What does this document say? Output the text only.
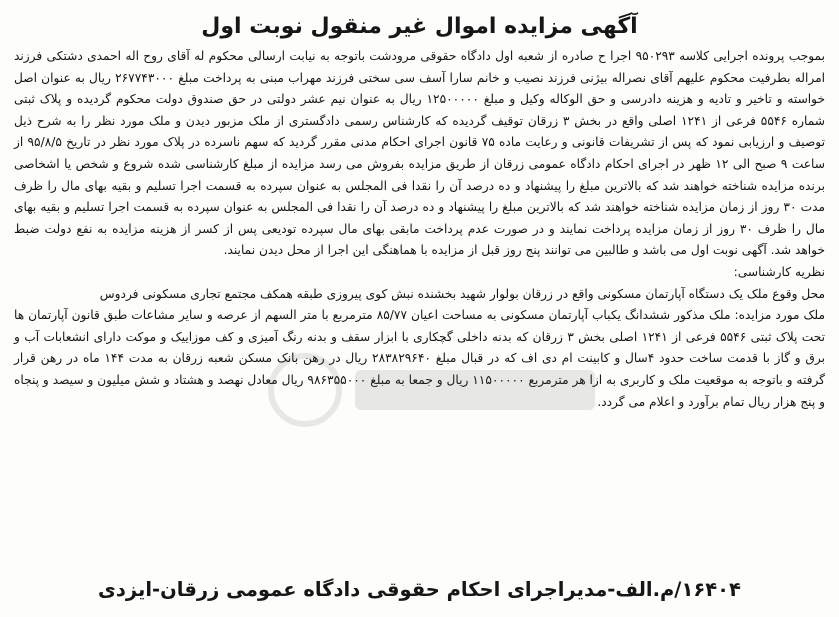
آگهی مزایده اموال غیر منقول نوبت اول

بموجب پرونده اجرایی کلاسه ۹۵۰۲۹۳ اجرا ح صادره از شعبه اول دادگاه حقوقی مرودشت باتوجه به نیابت ارسالی محکوم له آقای روح اله احمدی دشتکی فرزند امراله بطرفیت محکوم علیهم آقای نصراله بیژنی فرزند نصیب و خانم سارا آسف سی سختی فرزند مهراب مبنی به پرداخت مبلغ ۲۶۷۷۴۳۰۰۰ ریال به عنوان اصل خواسته و تاخیر و تادیه و هزینه دادرسی و حق الوکاله وکیل و مبلغ ۱۲۵۰۰۰۰۰ ریال به عنوان نیم عشر دولتی در حق صندوق دولت محکوم گردیده و پلاک ثبتی شماره ۵۵۴۶ فرعی از ۱۲۴۱ اصلی واقع در بخش ۳ زرقان توقیف گردیده که کارشناس رسمی دادگستری از ملک مزبور دیدن و ملک مورد نظر را به شرح ذیل توصیف و ارزیابی نمود که پس از تشریفات قانونی و رعایت ماده ۷۵ قانون اجرای احکام مدنی مقرر گردید که سهم ناسرده در پلاک مورد نظر در تاریخ ۹۵/۸/۵ از ساعت ۹ صبح الی ۱۲ ظهر در اجرای احکام دادگاه عمومی زرقان از طریق مزایده بفروش می رسد مزایده از مبلغ کارشناسی شده شروع و شخص یا اشخاصی برنده مزایده شناخته خواهند شد که بالاترین مبلغ را پیشنهاد و ده درصد آن را نقدا فی المجلس به عنوان سپرده به قسمت اجرا تسلیم و بقیه بهای مال را ظرف مدت ۳۰ روز از زمان مزایده شناخته خواهند شد که بالاترین مبلغ را پیشنهاد و ده درصد آن را نقدا فی المجلس به عنوان سپرده به قسمت اجرا تسلیم و بقیه بهای مال را ظرف ۳۰ روز از زمان مزایده پرداخت نمایند و در صورت عدم پرداخت مابقی بهای مال سپرده تودیعی پس از کسر از هزینه مزایده به نفع دولت ضبط خواهد شد. آگهی نوبت اول می باشد و طالبین می توانند پنج روز قبل از مزایده با هماهنگی این اجرا از محل دیدن نمایند.

نظریه کارشناسی:

محل وقوع ملک یک دستگاه آپارتمان مسکونی واقع در زرقان بولوار شهید بخشنده نبش کوی پیروزی طبقه همکف مجتمع تجاری مسکونی فردوس

ملک مورد مزایده: ملک مذکور ششدانگ یکباب آپارتمان مسکونی به مساحت اعیان ۸۵/۷۷ مترمربع با متر السهم از عرصه و سایر مشاعات طبق قانون آپارتمان ها تحت پلاک ثبتی ۵۵۴۶ فرعی از ۱۲۴۱ اصلی بخش ۳ زرقان که بدنه داخلی گچکاری با ابزار سقف و بدنه رنگ آمیزی و کف موزاییک و موکت دارای انشعابات آب و برق و گاز با قدمت ساخت حدود ۴سال و کابینت ام دی اف که در قبال مبلغ ۲۸۳۸۲۹۶۴۰ ریال در رهن بانک مسکن شعبه زرقان به مدت ۱۴۴ ماه در رهن قرار گرفته و باتوجه به موقعیت ملک و کاربری به ازا هر مترمربع ۱۱۵۰۰۰۰۰ ریال و جمعا به مبلغ ۹۸۶۳۵۵۰۰۰ ریال معادل نهصد و هشتاد و شش میلیون و سیصد و پنجاه و پنج هزار ریال تمام برآورد و اعلام می گردد.

۱۶۴۰۴/م.الف-مدیراجرای احکام حقوقی دادگاه عمومی زرقان-ایزدی
